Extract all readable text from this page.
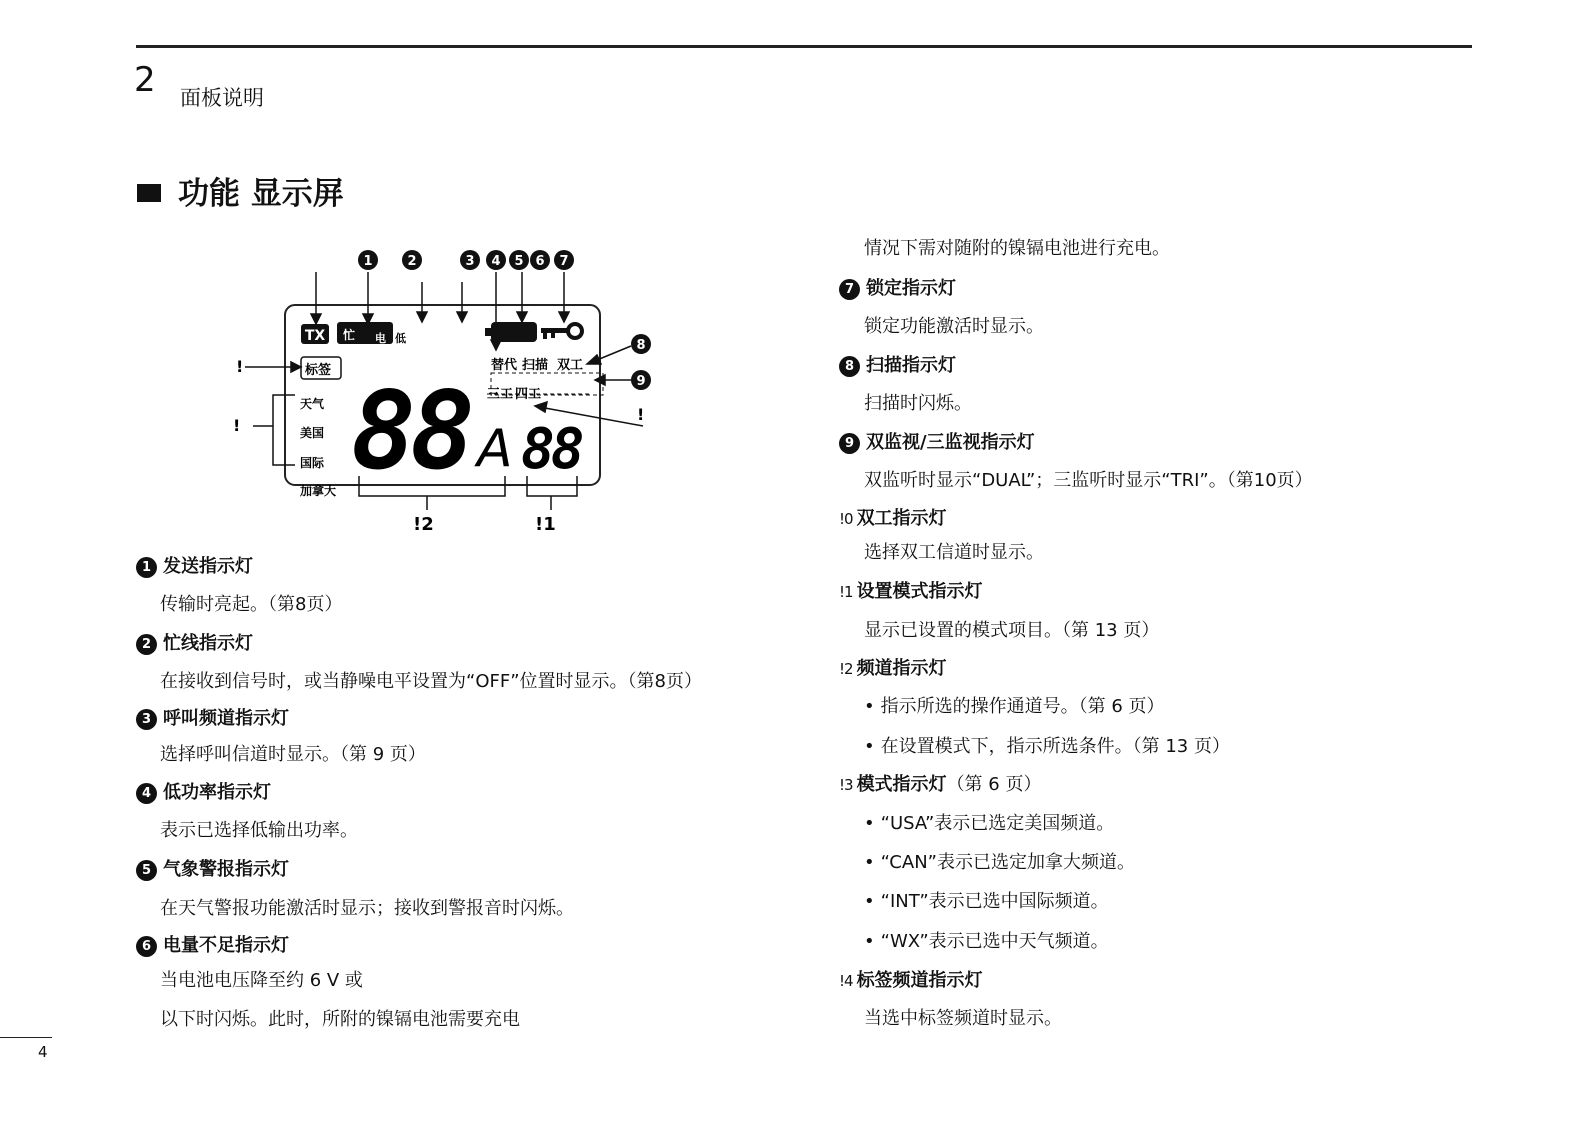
2 面板说明
功能 显示屏
1	2	3 4 5 6 7
8
9
!
!
!
TX 忙 电 低
标签
天气
美国
国际
加拿大
替代 扫描 双工
三工 四工
88 A 88
!2	!1
1 发送指示灯
传输时亮起。（第8页）
2 忙线指示灯
在接收到信号时，或当静噪电平设置为“OFF”位置时显示。（第8页）
3 呼叫频道指示灯
选择呼叫信道时显示。（第 9 页）
4 低功率指示灯
表示已选择低输出功率。
5 气象警报指示灯
在天气警报功能激活时显示；接收到警报音时闪烁。
6 电量不足指示灯
当电池电压降至约 6 V 或
以下时闪烁。此时，所附的镍镉电池需要充电
情况下需对随附的镍镉电池进行充电。
7 锁定指示灯
锁定功能激活时显示。
8 扫描指示灯
扫描时闪烁。
9 双监视/三监视指示灯
双监听时显示“DUAL”；三监听时显示“TRI”。（第10页）
!0 双工指示灯
选择双工信道时显示。
!1 设置模式指示灯
显示已设置的模式项目。（第 13 页）
!2 频道指示灯
• 指示所选的操作通道号。（第 6 页）
• 在设置模式下，指示所选条件。（第 13 页）
!3 模式指示灯 （第 6 页）
• “USA”表示已选定美国频道。
• “CAN”表示已选定加拿大频道。
• “INT”表示已选中国际频道。
• “WX”表示已选中天气频道。
!4 标签频道指示灯
当选中标签频道时显示。
4
